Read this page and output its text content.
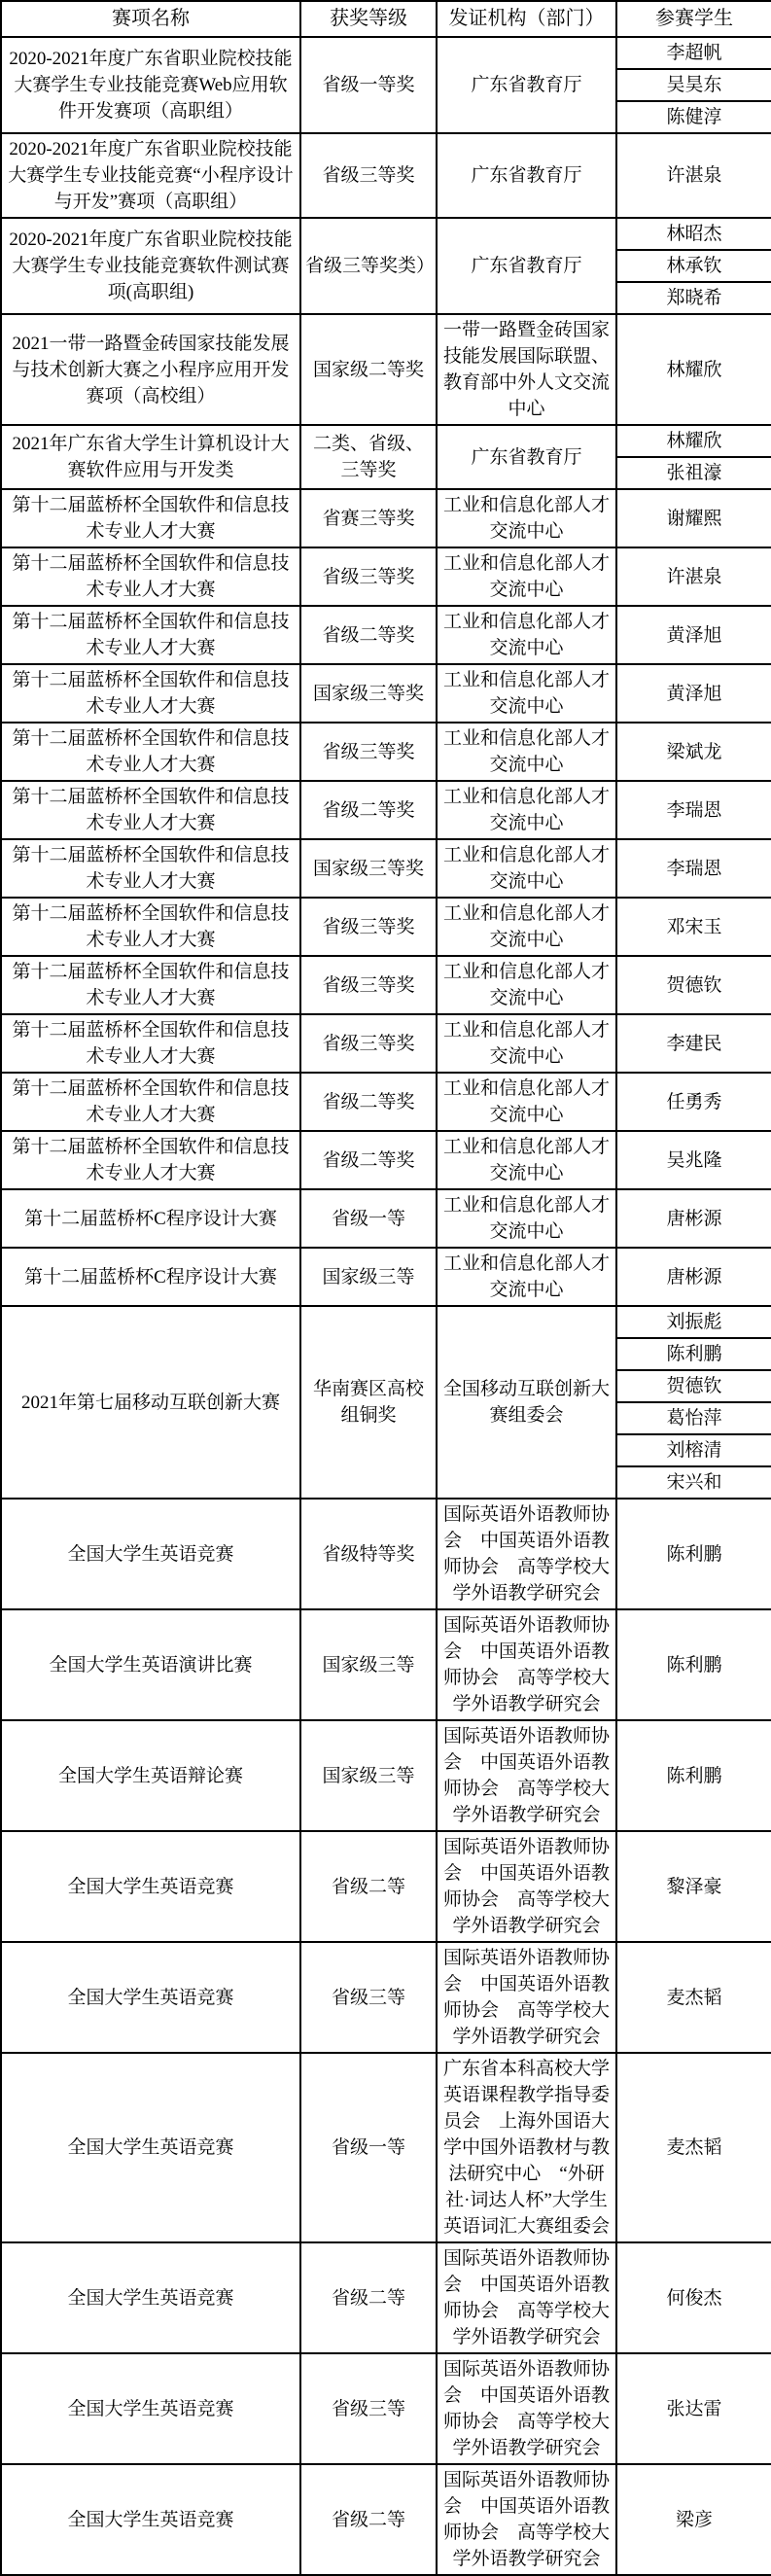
赛项名称	获奖等级	发证机构（部门）	参赛学生
2020-2021年度广东省职业院校技能大赛学生专业技能竞赛Web应用软件开发赛项（高职组）	省级一等奖	广东省教育厅	李超帆
吴昊东
陈健淳

2020-2021年度广东省职业院校技能大赛学生专业技能竞赛“小程序设计与开发”赛项（高职组）	省级三等奖	广东省教育厅	许湛泉

2020-2021年度广东省职业院校技能大赛学生专业技能竞赛软件测试赛项(高职组)	省级三等奖类）	广东省教育厅	林昭杰
林承钦
郑晓希

2021一带一路暨金砖国家技能发展与技术创新大赛之小程序应用开发赛项（高校组）	国家级二等奖	一带一路暨金砖国家技能发展国际联盟、教育部中外人文交流中心	林耀欣

2021年广东省大学生计算机设计大赛软件应用与开发类	二类、省级、三等奖	广东省教育厅	林耀欣
张祖濠

第十二届蓝桥杯全国软件和信息技术专业人才大赛	省赛三等奖	工业和信息化部人才交流中心	谢耀熙

第十二届蓝桥杯全国软件和信息技术专业人才大赛	省级三等奖	工业和信息化部人才交流中心	许湛泉

第十二届蓝桥杯全国软件和信息技术专业人才大赛	省级二等奖	工业和信息化部人才交流中心	黄泽旭

第十二届蓝桥杯全国软件和信息技术专业人才大赛	国家级三等奖	工业和信息化部人才交流中心	黄泽旭

第十二届蓝桥杯全国软件和信息技术专业人才大赛	省级三等奖	工业和信息化部人才交流中心	梁斌龙

第十二届蓝桥杯全国软件和信息技术专业人才大赛	省级二等奖	工业和信息化部人才交流中心	李瑞恩

第十二届蓝桥杯全国软件和信息技术专业人才大赛	国家级三等奖	工业和信息化部人才交流中心	李瑞恩

第十二届蓝桥杯全国软件和信息技术专业人才大赛	省级三等奖	工业和信息化部人才交流中心	邓宋玉

第十二届蓝桥杯全国软件和信息技术专业人才大赛	省级三等奖	工业和信息化部人才交流中心	贺德钦

第十二届蓝桥杯全国软件和信息技术专业人才大赛	省级三等奖	工业和信息化部人才交流中心	李建民

第十二届蓝桥杯全国软件和信息技术专业人才大赛	省级二等奖	工业和信息化部人才交流中心	任勇秀

第十二届蓝桥杯全国软件和信息技术专业人才大赛	省级二等奖	工业和信息化部人才交流中心	吴兆隆

第十二届蓝桥杯C程序设计大赛	省级一等	工业和信息化部人才交流中心	唐彬源

第十二届蓝桥杯C程序设计大赛	国家级三等	工业和信息化部人才交流中心	唐彬源

2021年第七届移动互联创新大赛	华南赛区高校组铜奖	全国移动互联创新大赛组委会	
刘振彪
陈利鹏
贺德钦
葛怡萍
刘榕清
宋兴和

全国大学生英语竞赛	省级特等奖	国际英语外语教师协会　中国英语外语教师协会　高等学校大学外语教学研究会	陈利鹏

全国大学生英语演讲比赛	国家级三等	国际英语外语教师协会　中国英语外语教师协会　高等学校大学外语教学研究会	陈利鹏

全国大学生英语辩论赛	国家级三等	国际英语外语教师协会　中国英语外语教师协会　高等学校大学外语教学研究会	陈利鹏

全国大学生英语竞赛	省级二等	国际英语外语教师协会　中国英语外语教师协会　高等学校大学外语教学研究会	黎泽豪

全国大学生英语竞赛	省级三等	国际英语外语教师协会　中国英语外语教师协会　高等学校大学外语教学研究会	麦杰韬

全国大学生英语竞赛	省级一等	广东省本科高校大学英语课程教学指导委员会　上海外国语大学中国外语教材与教法研究中心　“外研社·词达人杯”大学生英语词汇大赛组委会	麦杰韬

全国大学生英语竞赛	省级二等	国际英语外语教师协会　中国英语外语教师协会　高等学校大学外语教学研究会	何俊杰

全国大学生英语竞赛	省级三等	国际英语外语教师协会　中国英语外语教师协会　高等学校大学外语教学研究会	张达雷

全国大学生英语竞赛	省级二等	国际英语外语教师协会　中国英语外语教师协会　高等学校大学外语教学研究会	梁彦
